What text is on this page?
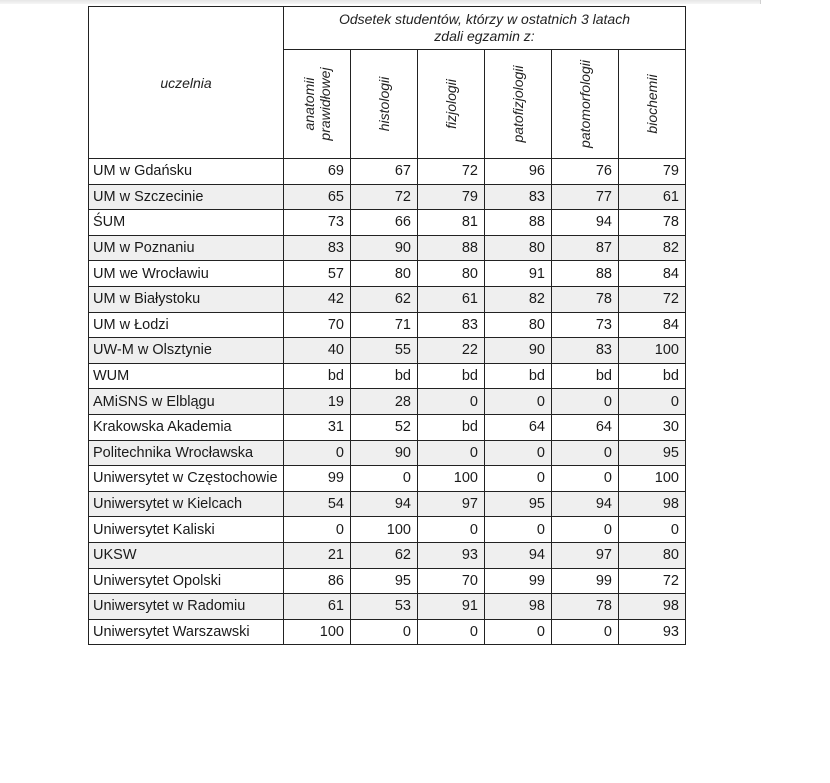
uczelnia	Odsetek studentów, którzy w ostatnich 3 latach
zdali egzamin z:					

	anatomii prawidłowej	histologii	fizjologii	patofizjologii	patomorfologii	biochemii

UM w Gdańsku	69	67	72	96	76	79
UM w Szczecinie	65	72	79	83	77	61
ŚUM	73	66	81	88	94	78
UM w Poznaniu	83	90	88	80	87	82
UM we Wrocławiu	57	80	80	91	88	84
UM w Białystoku	42	62	61	82	78	72
UM w Łodzi	70	71	83	80	73	84
UW-M w Olsztynie	40	55	22	90	83	100
WUM	bd	bd	bd	bd	bd	bd
AMiSNS w Elblągu	19	28	0	0	0	0
Krakowska Akademia	31	52	bd	64	64	30
Politechnika Wrocławska	0	90	0	0	0	95
Uniwersytet w Częstochowie	99	0	100	0	0	100
Uniwersytet w Kielcach	54	94	97	95	94	98
Uniwersytet Kaliski	0	100	0	0	0	0
UKSW	21	62	93	94	97	80
Uniwersytet Opolski	86	95	70	99	99	72
Uniwersytet w Radomiu	61	53	91	98	78	98
Uniwersytet Warszawski	100	0	0	0	0	93
